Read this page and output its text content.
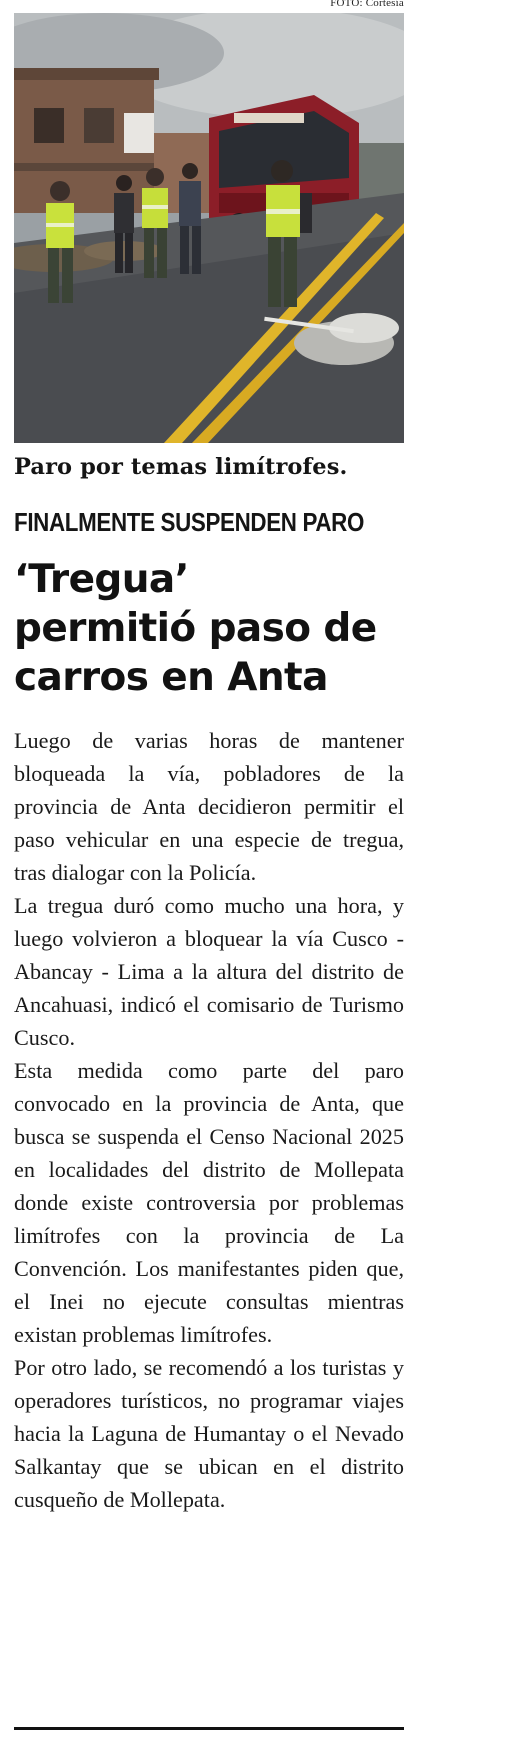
FOTO: Cortesía
Paro por temas limítrofes.
FINALMENTE SUSPENDEN PARO
‘Tregua’
permitió paso de
carros en Anta

Luego de varias horas de mantener bloqueada la vía, pobladores de la provincia de Anta decidieron permitir el paso vehicular en una especie de tregua, tras dialogar con la Policía.

La tregua duró como mucho una hora, y luego volvieron a bloquear la vía Cusco - Abancay - Lima a la altura del distrito de Ancahuasi, indicó el comisario de Turismo Cusco.

Esta medida como parte del paro convocado en la provincia de Anta, que busca se suspenda el Censo Nacional 2025 en localidades del distrito de Mollepata donde existe controversia por problemas limítrofes con la provincia de La Convención. Los manifestantes piden que, el Inei no ejecute consultas mientras existan problemas limítrofes.

Por otro lado, se recomendó a los turistas y operadores turísticos, no programar viajes hacia la Laguna de Humantay o el Nevado Salkantay que se ubican en el distrito cusqueño de Mollepata.
